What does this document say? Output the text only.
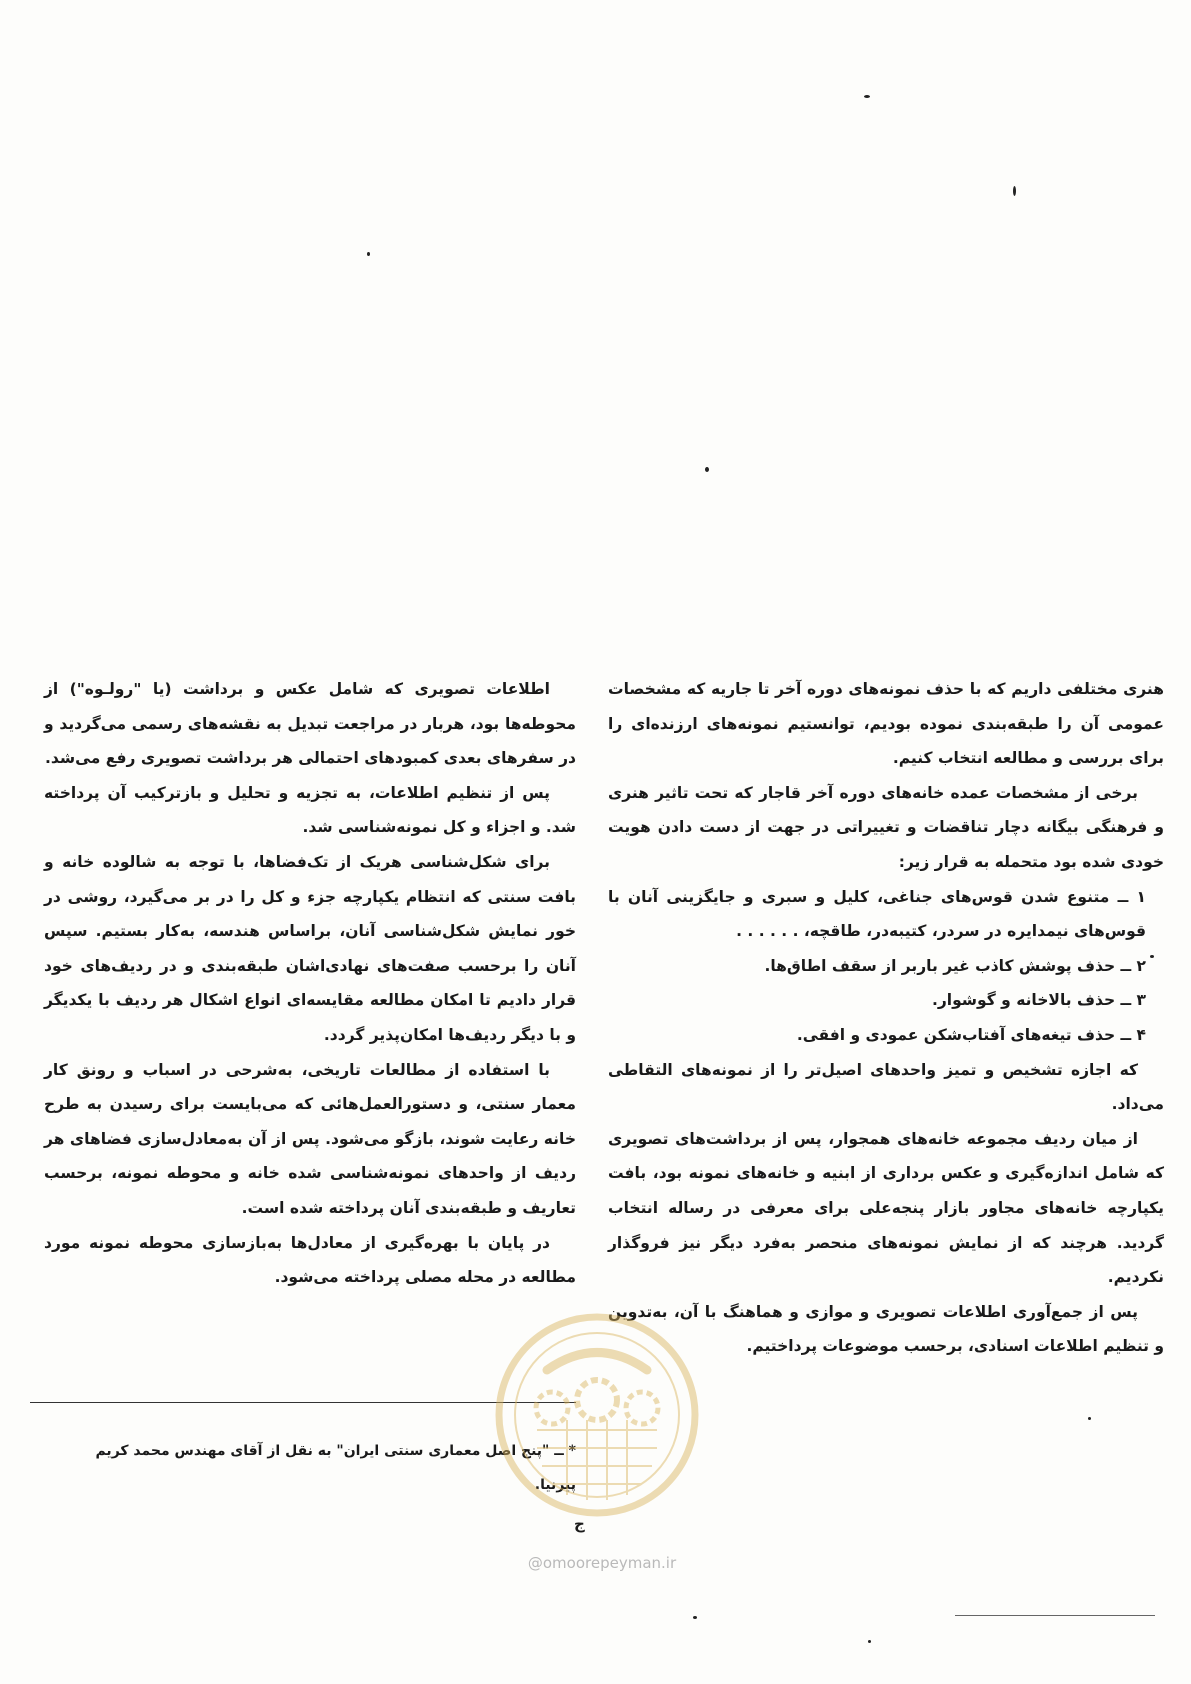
هنری مختلفی داریم که با حذف نمونه‌های دوره آخر تا جاریه که مشخصات عمومی آن را طبقه‌بندی نموده بودیم، توانستیم نمونه‌های ارزنده‌ای را برای بررسی و مطالعه انتخاب کنیم.

برخی از مشخصات عمده خانه‌های دوره آخر قاجار که تحت تاثیر هنری و فرهنگی بیگانه دچار تناقضات و تغییراتی در جهت از دست دادن هویت خودی شده بود متحمله به قرار زیر:

۱ ــ متنوع شدن قوس‌های جناغی، کلیل و سبری و جایگزینی آنان با قوس‌های نیمدایره در سردر، کتیبه‌در، طاقچه، . . . . . .

۲ ــ حذف پوشش کاذب غیر باربر از سقف اطاق‌ها.

۳ ــ حذف بالاخانه و گوشوار.

۴ ــ حذف تیغه‌های آفتاب‌شکن عمودی و افقی.

که اجازه تشخیص و تمیز واحدهای اصیل‌تر را از نمونه‌های التقاطی می‌داد.

از میان ردیف مجموعه خانه‌های همجوار، پس از برداشت‌های تصویری که شامل اندازه‌گیری و عکس برداری از ابنیه و خانه‌های نمونه بود، بافت یکپارچه خانه‌های مجاور بازار پنجه‌علی برای معرفی در رساله انتخاب گردید. هرچند که از نمایش نمونه‌های منحصر به‌فرد دیگر نیز فروگذار نکردیم.

پس از جمع‌آوری اطلاعات تصویری و موازی و هماهنگ با آن، به‌تدوین و تنظیم اطلاعات اسنادی، برحسب موضوعات پرداختیم.

اطلاعات تصویری که شامل عکس و برداشت (یا "رولـوه") از محوطه‌ها بود، هربار در مراجعت تبدیل به نقشه‌های رسمی می‌گردید و در سفرهای بعدی کمبودهای احتمالی هر برداشت تصویری رفع می‌شد.

پس از تنظیم اطلاعات، به تجزیه و تحلیل و بازترکیب آن پرداخته شد. و اجزاء و کل نمونه‌شناسی شد.

برای شکل‌شناسی هریک از تک‌فضاها، با توجه به شالوده خانه و بافت سنتی که انتظام یکپارچه جزء و کل را در بر می‌گیرد، روشی در خور نمایش شکل‌شناسی آنان، براساس هندسه، به‌کار بستیم. سپس آنان را برحسب صفت‌های نهادی‌اشان طبقه‌بندی و در ردیف‌های خود قرار دادیم تا امکان مطالعه مقایسه‌ای انواع اشکال هر ردیف با یکدیگر و با دیگر ردیف‌ها امکان‌پذیر گردد.

با استفاده از مطالعات تاریخی، به‌شرحی در اسباب و رونق کار معمار سنتی، و دستورالعمل‌هائی که می‌بایست برای رسیدن به طرح خانه رعایت شوند، بازگو می‌شود. پس از آن به‌معادل‌سازی فضاهای هر ردیف از واحدهای نمونه‌شناسی شده خانه و محوطه نمونه، برحسب تعاریف و طبقه‌بندی آنان پرداخته شده است.

در پایان با بهره‌گیری از معادل‌ها به‌بازسازی محوطه نمونه مورد مطالعه در محله مصلی پرداخته می‌شود.

* ــ "پنج اصل معماری سنتی ایران" به نقل از آقای مهندس محمد کریم پیرنیا.
ج
@omoorepeyman.ir
